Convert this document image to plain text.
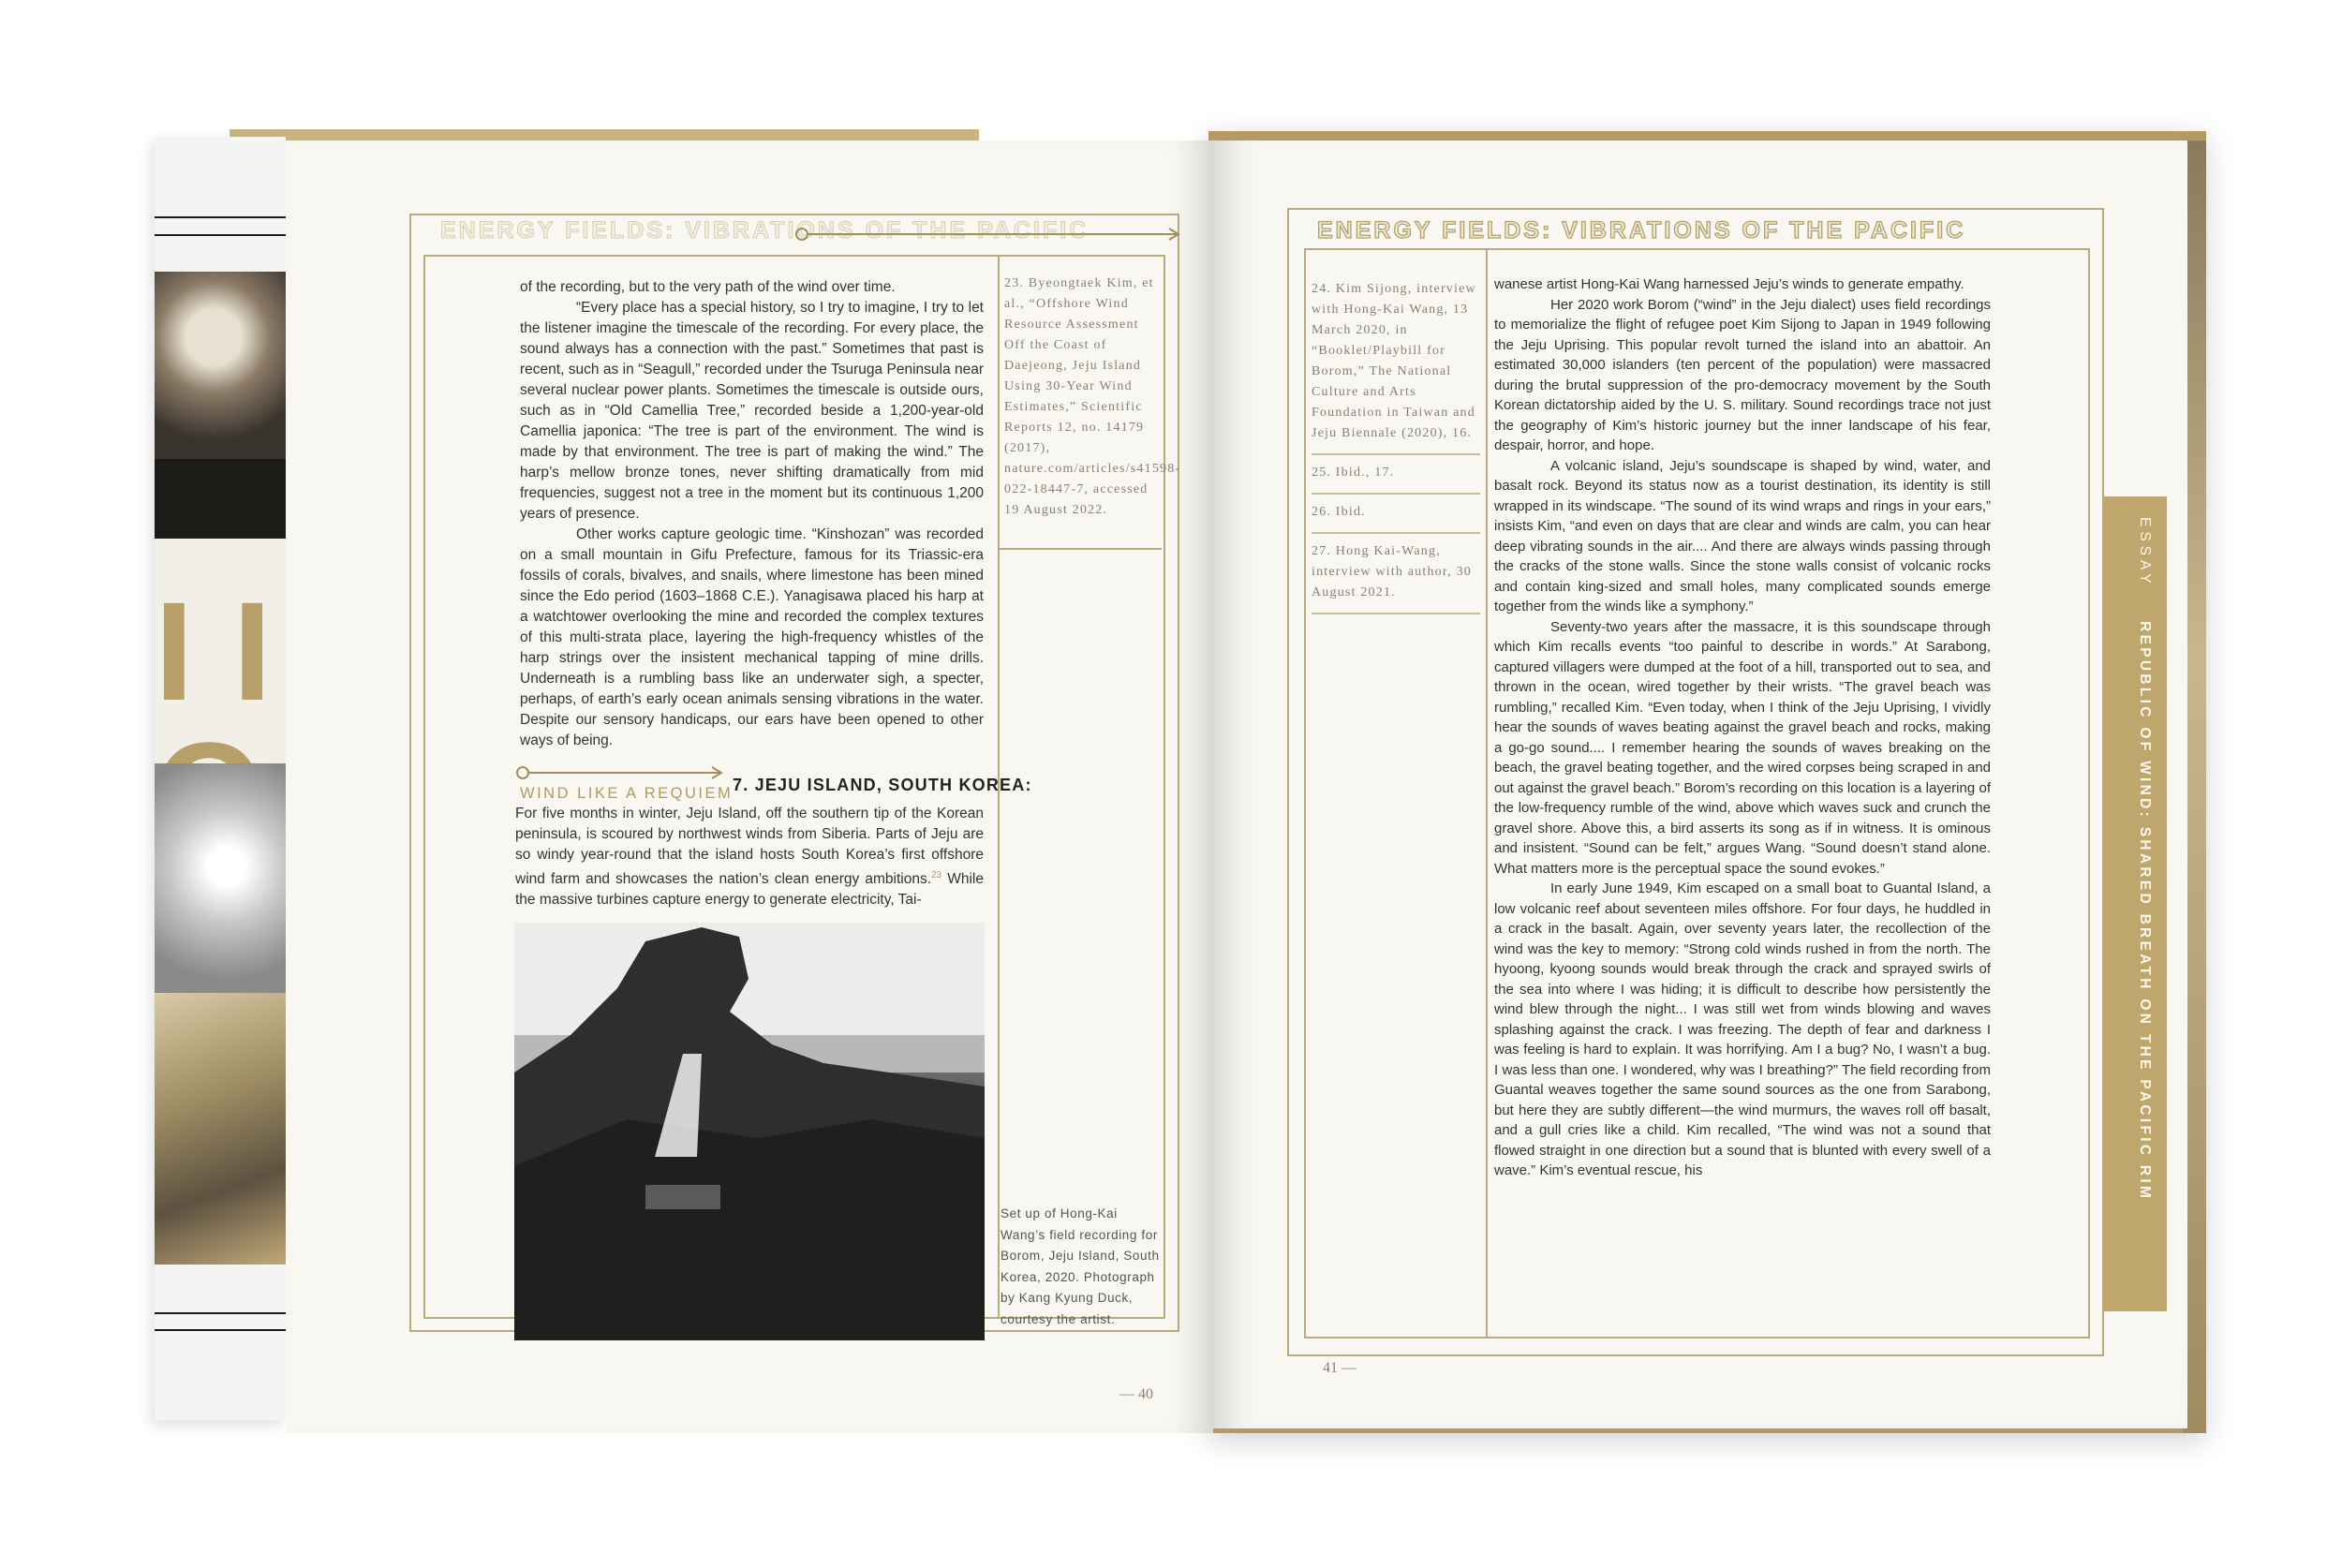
I I
ENERGY FIELDS: VIBRATIONS OF THE PACIFIC

of the recording, but to the very path of the wind over time.

“Every place has a special history, so I try to imagine, I try to let the listener imagine the timescale of the recording. For every place, the sound always has a connection with the past.” Sometimes that past is recent, such as in “Seagull,” recorded under the Tsuruga Peninsula near several nuclear power plants. Sometimes the timescale is outside ours, such as in “Old Camellia Tree,” recorded beside a 1,200-year-old Camellia japonica: “The tree is part of the environment. The wind is made by that environment. The tree is part of making the wind.” The harp’s mellow bronze tones, never shifting dramatically from mid frequencies, suggest not a tree in the moment but its continuous 1,200 years of presence.

Other works capture geologic time. “Kinshozan” was recorded on a small mountain in Gifu Prefecture, famous for its Triassic-era fossils of corals, bivalves, and snails, where limestone has been mined since the Edo period (1603–1868 C.E.). Yanagisawa placed his harp at a watchtower overlooking the mine and recorded the complex textures of this multi-strata place, layering the high-frequency whistles of the harp strings over the insistent mechanical tapping of mine drills. Underneath is a rumbling bass like an underwater sigh, a specter, perhaps, of earth’s early ocean animals sensing vibrations in the water. Despite our sensory handicaps, our ears have been opened to other ways of being.

WIND LIKE A REQUIEM 7. JEJU ISLAND, SOUTH KOREA:

For five months in winter, Jeju Island, off the southern tip of the Korean peninsula, is scoured by northwest winds from Siberia. Parts of Jeju are so windy year-round that the island hosts South Korea’s first offshore wind farm and showcases the nation’s clean energy ambitions.$^{23}$ While the massive turbines capture energy to generate electricity, Tai-

23. Byeongtaek Kim, et al., “Offshore Wind Resource Assessment Off the Coast of Daejeong, Jeju Island Using 30-Year Wind Estimates,” Scientific Reports 12, no. 14179 (2017), nature.com/articles/s41598-022-18447-7, accessed 19 August 2022.
Set up of Hong-Kai Wang’s field recording for Borom, Jeju Island, South Korea, 2020. Photograph by Kang Kyung Duck, courtesy the artist.
— 40
ENERGY FIELDS: VIBRATIONS OF THE PACIFIC
24. Kim Sijong, interview with Hong-Kai Wang, 13 March 2020, in “Booklet/Playbill for Borom,” The National Culture and Arts Foundation in Taiwan and Jeju Biennale (2020), 16.
25. Ibid., 17.
26. Ibid.
27. Hong Kai-Wang, interview with author, 30 August 2021.

wanese artist Hong-Kai Wang harnessed Jeju’s winds to generate empathy.

Her 2020 work Borom (“wind” in the Jeju dialect) uses field recordings to memorialize the flight of refugee poet Kim Sijong to Japan in 1949 following the Jeju Uprising. This popular revolt turned the island into an abattoir. An estimated 30,000 islanders (ten percent of the population) were massacred during the brutal suppression of the pro-democracy movement by the South Korean dictatorship aided by the U. S. military. Sound recordings trace not just the geography of Kim’s historic journey but the inner landscape of his fear, despair, horror, and hope.

A volcanic island, Jeju’s soundscape is shaped by wind, water, and basalt rock. Beyond its status now as a tourist destination, its identity is still wrapped in its windscape. “The sound of its wind wraps and rings in your ears,” insists Kim, “and even on days that are clear and winds are calm, you can hear deep vibrating sounds in the air.... And there are always winds passing through the cracks of the stone walls. Since the stone walls consist of volcanic rocks and contain king-sized and small holes, many complicated sounds emerge together from the winds like a symphony.”

Seventy-two years after the massacre, it is this soundscape through which Kim recalls events “too painful to describe in words.” At Sarabong, captured villagers were dumped at the foot of a hill, transported out to sea, and thrown in the ocean, wired together by their wrists. “The gravel beach was rumbling,” recalled Kim. “Even today, when I think of the Jeju Uprising, I vividly hear the sounds of waves beating against the gravel beach and rocks, making a go-go sound.... I remember hearing the sounds of waves breaking on the beach, the gravel beating together, and the wired corpses being scraped in and out against the gravel beach.” Borom’s recording on this location is a layering of the low-frequency rumble of the wind, above which waves suck and crunch the gravel shore. Above this, a bird asserts its song as if in witness. It is ominous and insistent. “Sound can be felt,” argues Wang. “Sound doesn’t stand alone. What matters more is the perceptual space the sound evokes.”

In early June 1949, Kim escaped on a small boat to Guantal Island, a low volcanic reef about seventeen miles offshore. For four days, he huddled in a crack in the basalt. Again, over seventy years later, the recollection of the wind was the key to memory: “Strong cold winds rushed in from the north. The hyoong, kyoong sounds would break through the crack and sprayed swirls of the sea into where I was hiding; it is difficult to describe how persistently the wind blew through the night... I was still wet from winds blowing and waves splashing against the crack. I was freezing. The depth of fear and darkness I was feeling is hard to explain. It was horrifying. Am I a bug? No, I wasn’t a bug. I was less than one. I wondered, why was I breathing?” The field recording from Guantal weaves together the same sound sources as the one from Sarabong, but here they are subtly different—the wind murmurs, the waves roll off basalt, and a gull cries like a child. Kim recalled, “The wind was not a sound that flowed straight in one direction but a sound that is blunted with every swell of a wave.” Kim’s eventual rescue, his

41 —
ESSAY REPUBLIC OF WIND: SHARED BREATH ON THE PACIFIC RIM
